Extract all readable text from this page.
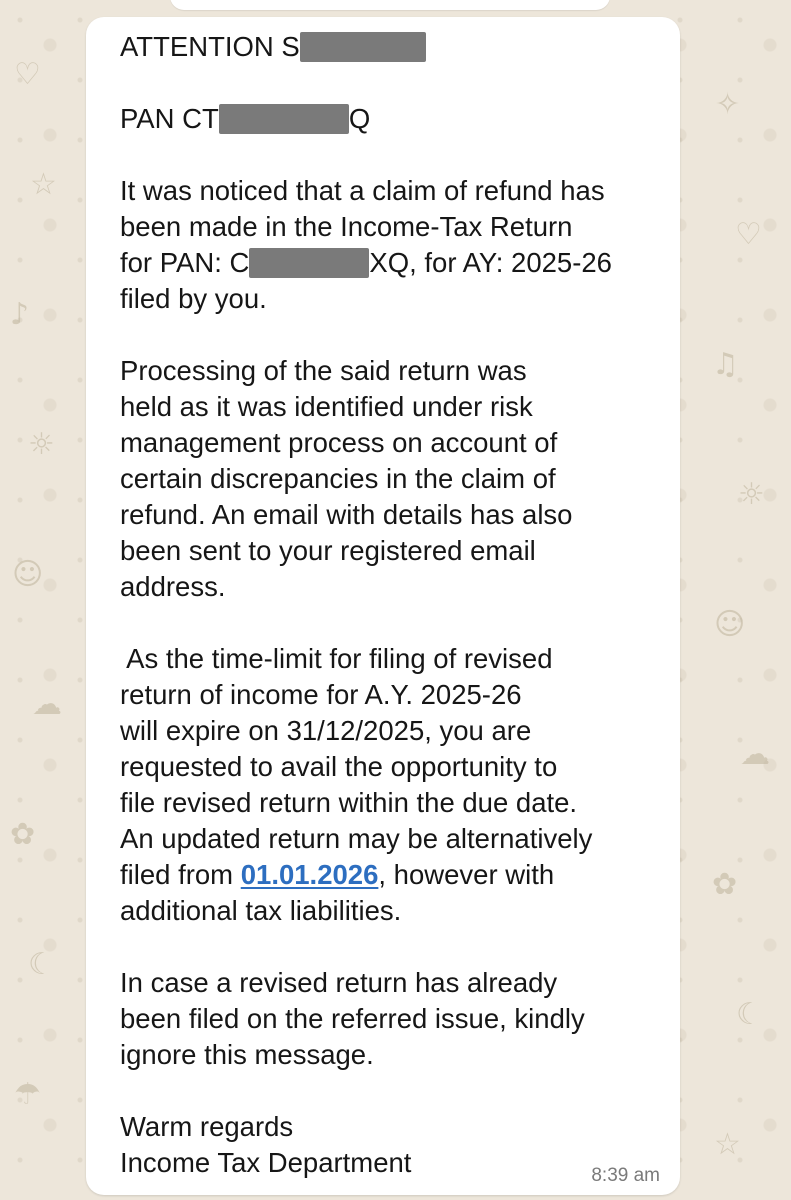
♡
☆
♪
☼
☺
☁
✿
☾
☂
✧
♡
♫
☼
☺
☁
✿
☾
☆
ATTENTION S
PAN CT	Q
It was noticed that a claim of refund has
been made in the Income-Tax Return
for PAN: C	XQ, for AY: 2025-26
filed by you.
Processing of the said return was
held as it was identified under risk
management process on account of
certain discrepancies in the claim of
refund. An email with details has also
been sent to your registered email
address.
As the time-limit for filing of revised
return of income for A.Y. 2025-26
will expire on 31/12/2025, you are
requested to avail the opportunity to
file revised return within the due date.
An updated return may be alternatively
filed from 01.01.2026, however with
additional tax liabilities.
In case a revised return has already
been filed on the referred issue, kindly
ignore this message.
Warm regards
Income Tax Department	8:39 am
